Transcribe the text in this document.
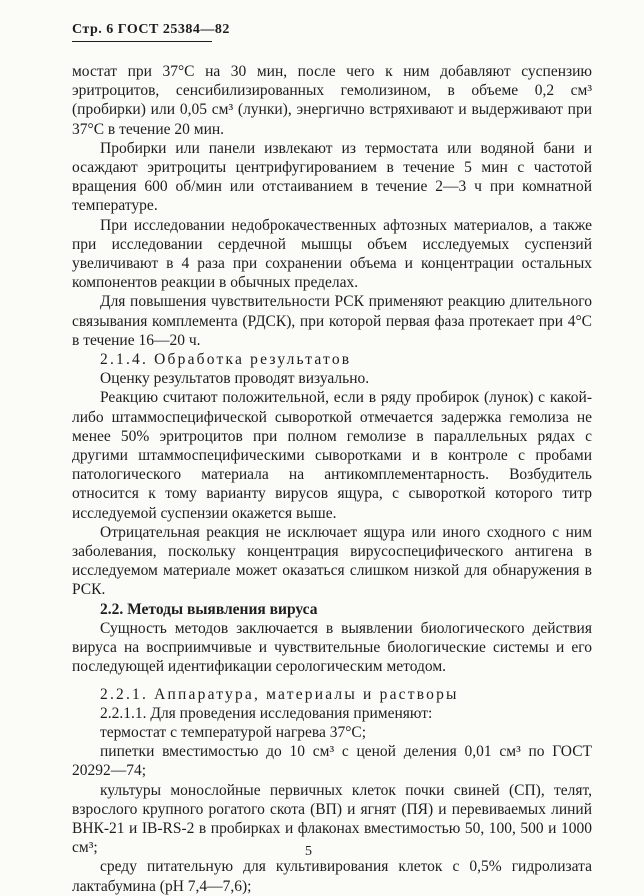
Стр. 6 ГОСТ 25384—82

мостат при 37°С на 30 мин, после чего к ним добавляют суспензию эритроцитов, сенсибилизированных гемолизином, в объеме 0,2 см³ (пробирки) или 0,05 см³ (лунки), энергично встряхивают и выдерживают при 37°С в течение 20 мин.

Пробирки или панели извлекают из термостата или водяной бани и осаждают эритроциты центрифугированием в течение 5 мин с частотой вращения 600 об/мин или отстаиванием в течение 2—3 ч при комнатной температуре.

При исследовании недоброкачественных афтозных материалов, а также при исследовании сердечной мышцы объем исследуемых суспензий увеличивают в 4 раза при сохранении объема и концентрации остальных компонентов реакции в обычных пределах.

Для повышения чувствительности РСК применяют реакцию длительного связывания комплемента (РДСК), при которой первая фаза протекает при 4°С в течение 16—20 ч.

2.1.4. Обработка результатов

Оценку результатов проводят визуально.

Реакцию считают положительной, если в ряду пробирок (лунок) с какой-либо штаммоспецифической сывороткой отмечается задержка гемолиза не менее 50% эритроцитов при полном гемолизе в параллельных рядах с другими штаммоспецифическими сыворотками и в контроле с пробами патологического материала на антикомплементарность. Возбудитель относится к тому варианту вирусов ящура, с сывороткой которого титр исследуемой суспензии окажется выше.

Отрицательная реакция не исключает ящура или иного сходного с ним заболевания, поскольку концентрация вирусоспецифического антигена в исследуемом материале может оказаться слишком низкой для обнаружения в РСК.

2.2. Методы выявления вируса

Сущность методов заключается в выявлении биологического действия вируса на восприимчивые и чувствительные биологические системы и его последующей идентификации серологическим методом.

2.2.1. Аппаратура, материалы и растворы

2.2.1.1. Для проведения исследования применяют:

термостат с температурой нагрева 37°С;

пипетки вместимостью до 10 см³ с ценой деления 0,01 см³ по ГОСТ 20292—74;

культуры монослойные первичных клеток почки свиней (СП), телят, взрослого крупного рогатого скота (ВП) и ягнят (ПЯ) и перевиваемых линий ВНК-21 и IB-RS-2 в пробирках и флаконах вместимостью 50, 100, 500 и 1000 см³;

среду питательную для культивирования клеток с 0,5% гидролизата лактабумина (рН 7,4—7,6);

5
